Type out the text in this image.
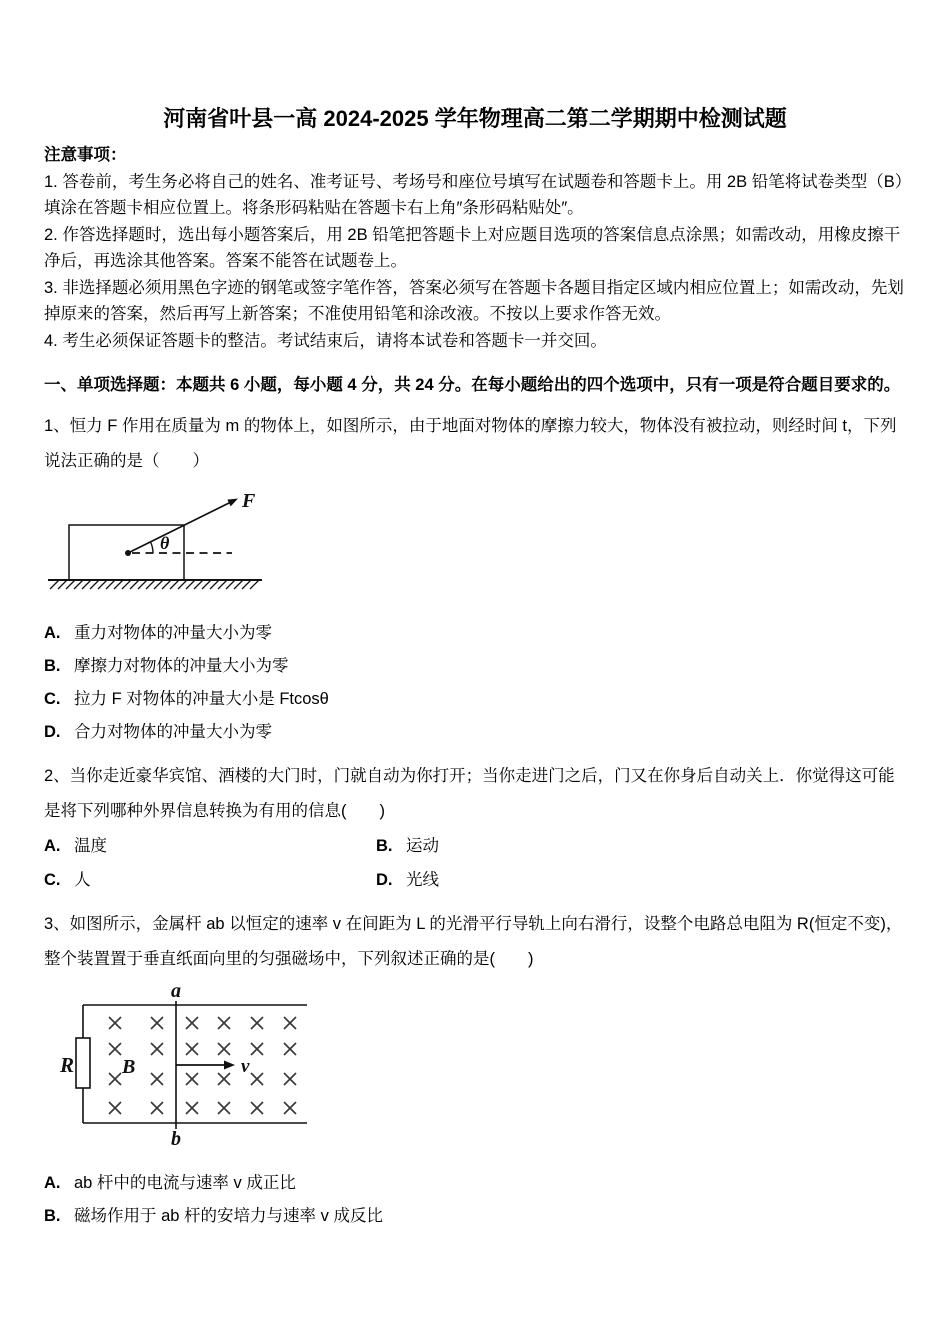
河南省叶县一高 2024-2025 学年物理高二第二学期期中检测试题

注意事项：

1. 答卷前，考生务必将自己的姓名、准考证号、考场号和座位号填写在试题卷和答题卡上。用 2B 铅笔将试卷类型（B）填涂在答题卡相应位置上。将条形码粘贴在答题卡右上角″条形码粘贴处″。

2. 作答选择题时，选出每小题答案后，用 2B 铅笔把答题卡上对应题目选项的答案信息点涂黑；如需改动，用橡皮擦干净后，再选涂其他答案。答案不能答在试题卷上。

3. 非选择题必须用黑色字迹的钢笔或签字笔作答，答案必须写在答题卡各题目指定区域内相应位置上；如需改动，先划掉原来的答案，然后再写上新答案；不准使用铅笔和涂改液。不按以上要求作答无效。

4. 考生必须保证答题卡的整洁。考试结束后，请将本试卷和答题卡一并交回。

一、单项选择题：本题共 6 小题，每小题 4 分，共 24 分。在每小题给出的四个选项中，只有一项是符合题目要求的。

1、恒力 F 作用在质量为 m 的物体上，如图所示，由于地面对物体的摩擦力较大，物体没有被拉动，则经时间 t，下列说法正确的是（　　）

F
θ

A. 重力对物体的冲量大小为零

B. 摩擦力对物体的冲量大小为零

C. 拉力 F 对物体的冲量大小是 Ftcosθ

D. 合力对物体的冲量大小为零

2、当你走近豪华宾馆、酒楼的大门时，门就自动为你打开；当你走进门之后，门又在你身后自动关上．你觉得这可能是将下列哪种外界信息转换为有用的信息(　　)

A. 温度	B. 运动

C. 人	D. 光线

3、如图所示，金属杆 ab 以恒定的速率 v 在间距为 L 的光滑平行导轨上向右滑行，设整个电路总电阻为 R(恒定不变)，整个装置置于垂直纸面向里的匀强磁场中，下列叙述正确的是(　　)

a
b
R B	v

A. ab 杆中的电流与速率 v 成正比

B. 磁场作用于 ab 杆的安培力与速率 v 成反比
